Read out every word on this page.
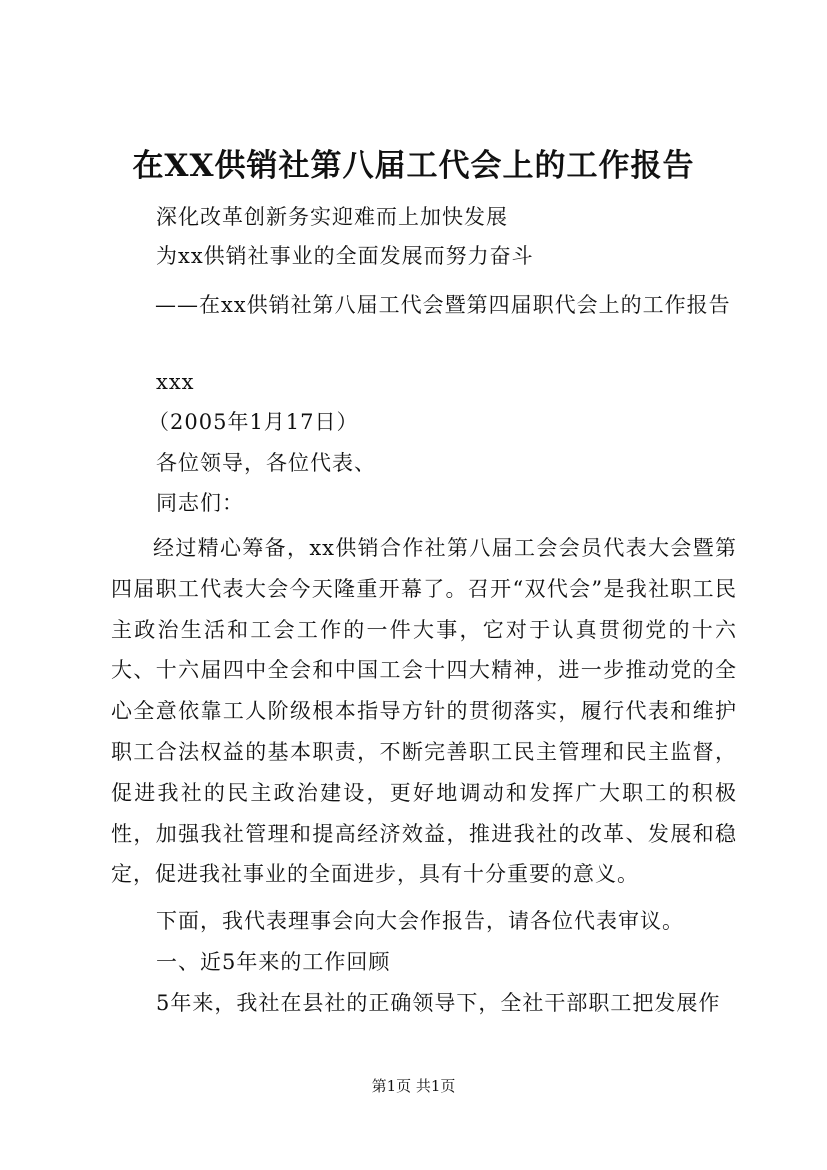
在XX供销社第八届工代会上的工作报告
深化改革创新务实迎难而上加快发展
为xx供销社事业的全面发展而努力奋斗
——在xx供销社第八届工代会暨第四届职代会上的工作报告
xxx
（2005年1月17日）
各位领导，各位代表、
同志们：
经过精心筹备，xx供销合作社第八届工会会员代表大会暨第四届职工代表大会今天隆重开幕了。召开“双代会”是我社职工民主政治生活和工会工作的一件大事，它对于认真贯彻党的十六大、十六届四中全会和中国工会十四大精神，进一步推动党的全心全意依靠工人阶级根本指导方针的贯彻落实，履行代表和维护职工合法权益的基本职责，不断完善职工民主管理和民主监督，促进我社的民主政治建设，更好地调动和发挥广大职工的积极性，加强我社管理和提高经济效益，推进我社的改革、发展和稳定，促进我社事业的全面进步，具有十分重要的意义。
下面，我代表理事会向大会作报告，请各位代表审议。
一、近5年来的工作回顾
5年来，我社在县社的正确领导下，全社干部职工把发展作
第1页 共1页
